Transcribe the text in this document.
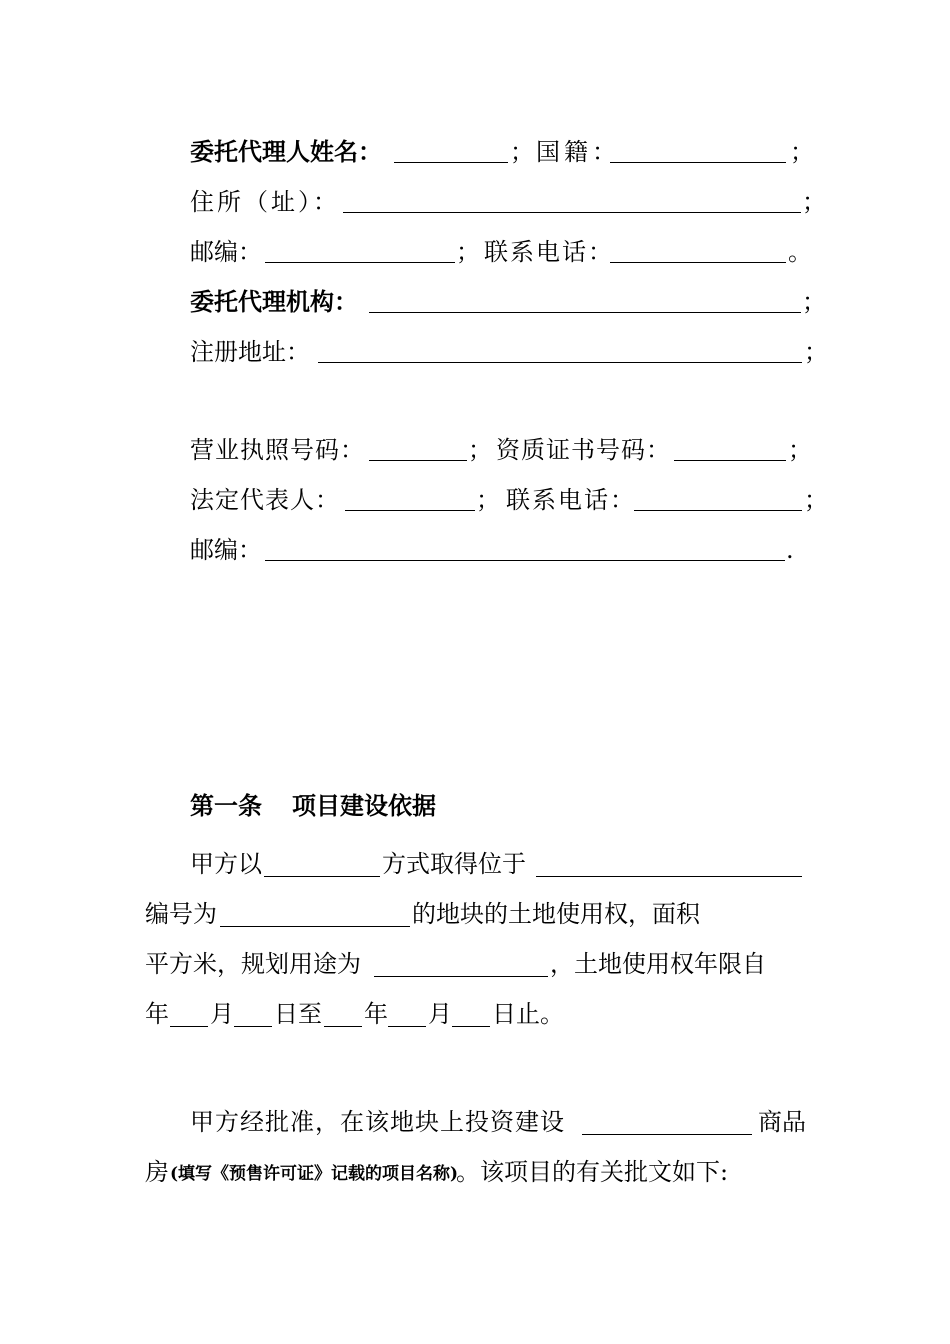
委托代理人姓名：	； 国籍：	；
住所（址）：	；
邮编：	； 联系电话：	。
委托代理机构：	；
注册地址：	；
营业执照号码：	； 资质证书号码：	；
法定代表人：	； 联系电话：	；
邮编：	.
第一条 项目建设依据
甲方以	方式取得位于
编号为	的地块的土地使用权，面积
平方米，规划用途为	，土地使用权年限自
年 月 日至 年 月 日止。
甲方经批准，在该地块上投资建设	商品
房 (填写《预售许可证》记载的项目名称)
。该项目的有关批文如下:
